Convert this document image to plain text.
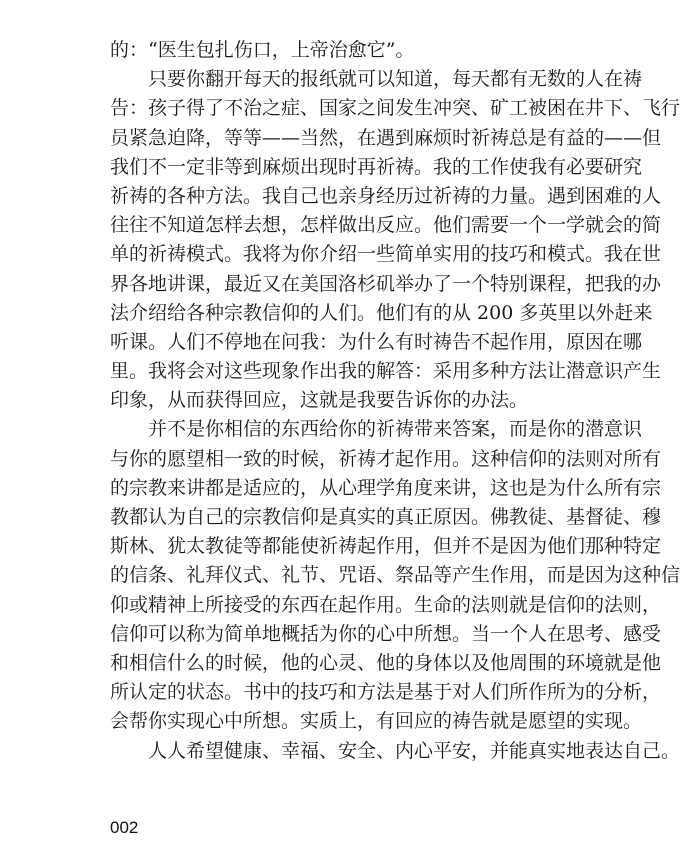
的：“医生包扎伤口，上帝治愈它”。
只要你翻开每天的报纸就可以知道，每天都有无数的人在祷
告：孩子得了不治之症、国家之间发生冲突、矿工被困在井下、飞行
员紧急迫降，等等——当然，在遇到麻烦时祈祷总是有益的——但
我们不一定非等到麻烦出现时再祈祷。我的工作使我有必要研究
祈祷的各种方法。我自己也亲身经历过祈祷的力量。遇到困难的人
往往不知道怎样去想，怎样做出反应。他们需要一个一学就会的简
单的祈祷模式。我将为你介绍一些简单实用的技巧和模式。我在世
界各地讲课，最近又在美国洛杉矶举办了一个特别课程，把我的办
法介绍给各种宗教信仰的人们。他们有的从 200 多英里以外赶来
听课。人们不停地在问我：为什么有时祷告不起作用，原因在哪
里。我将会对这些现象作出我的解答：采用多种方法让潜意识产生
印象，从而获得回应，这就是我要告诉你的办法。
并不是你相信的东西给你的祈祷带来答案，而是你的潜意识
与你的愿望相一致的时候，祈祷才起作用。这种信仰的法则对所有
的宗教来讲都是适应的，从心理学角度来讲，这也是为什么所有宗
教都认为自己的宗教信仰是真实的真正原因。佛教徒、基督徒、穆
斯林、犹太教徒等都能使祈祷起作用，但并不是因为他们那种特定
的信条、礼拜仪式、礼节、咒语、祭品等产生作用，而是因为这种信
仰或精神上所接受的东西在起作用。生命的法则就是信仰的法则，
信仰可以称为简单地概括为你的心中所想。当一个人在思考、感受
和相信什么的时候，他的心灵、他的身体以及他周围的环境就是他
所认定的状态。书中的技巧和方法是基于对人们所作所为的分析，
会帮你实现心中所想。实质上，有回应的祷告就是愿望的实现。
人人希望健康、幸福、安全、内心平安，并能真实地表达自己。
002
